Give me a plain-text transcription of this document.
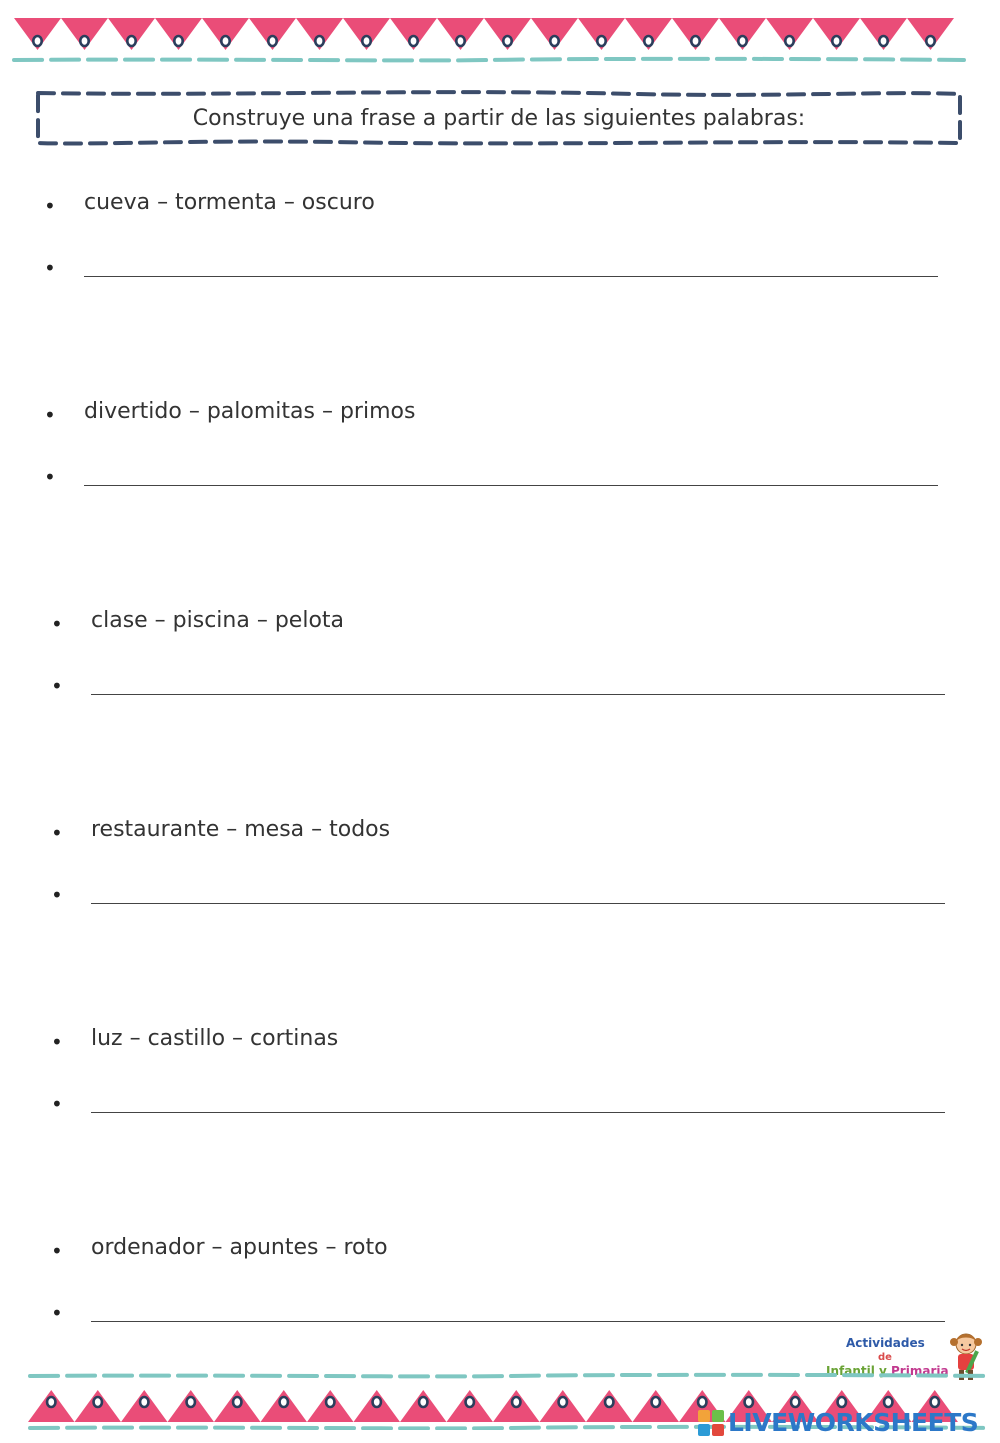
Construye una frase a partir de las siguientes palabras:
• cueva – tormenta – oscuro
•
• divertido – palomitas – primos
•
• clase – piscina – pelota
•
• restaurante – mesa – todos
•
• luz – castillo – cortinas
•
• ordenador – apuntes – roto
•
Actividades
de
Infantil y Primaria
LIVEWORKSHEETS
